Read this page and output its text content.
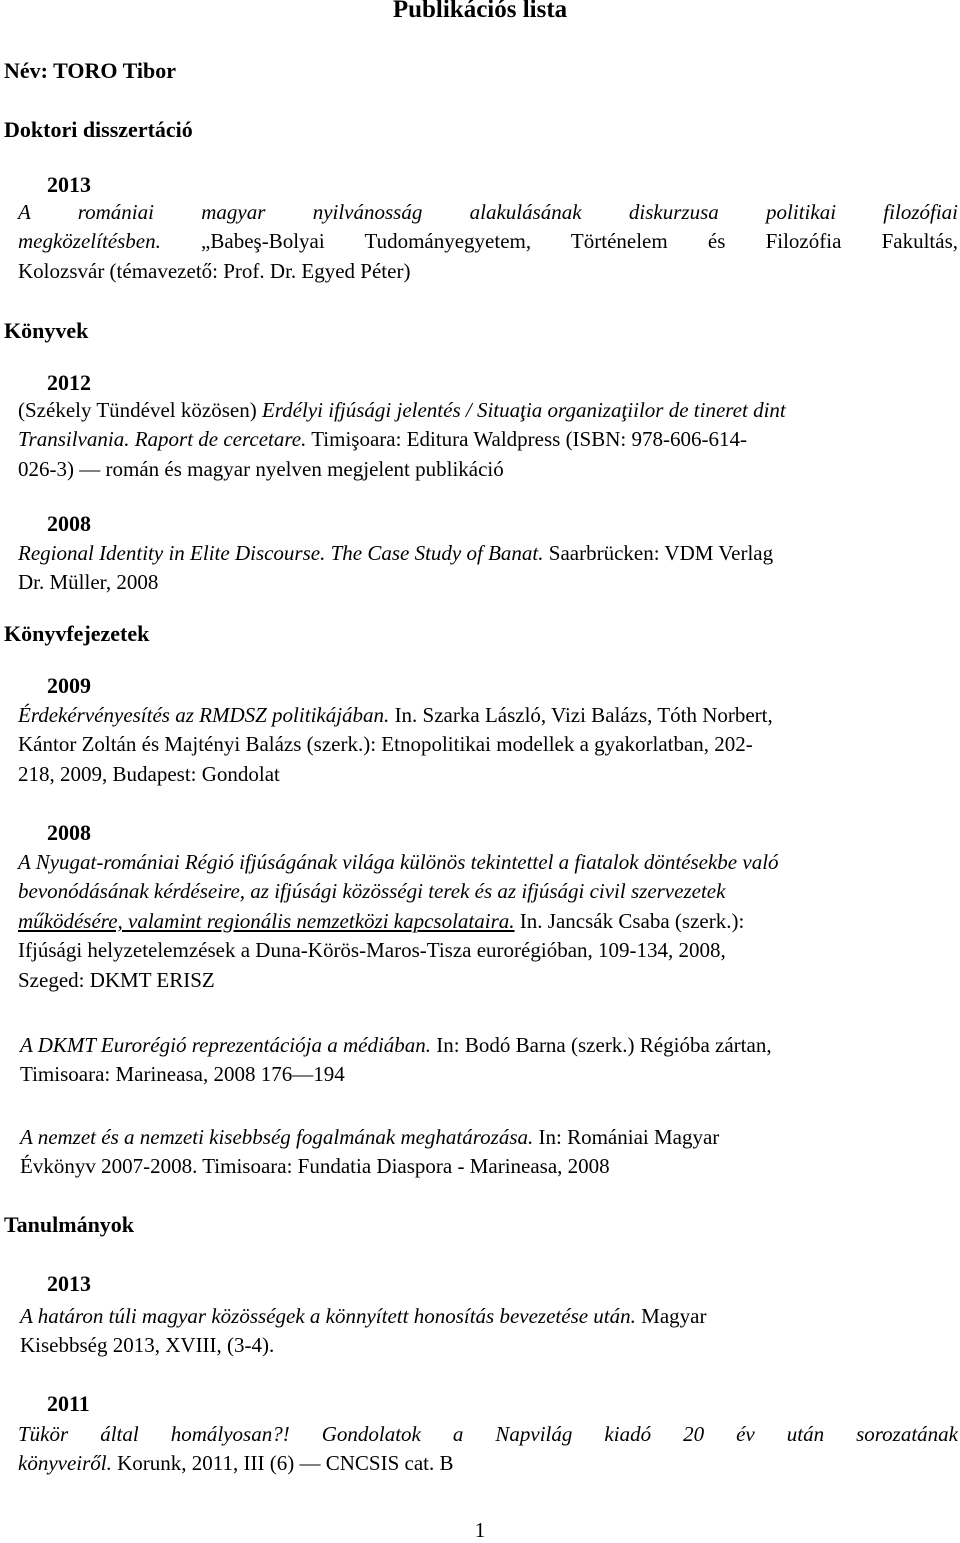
Publikációs lista
Név: TORO Tibor
Doktori disszertáció
2013
A romániai magyar nyilvánosság alakulásának diskurzusa politikai filozófiai
megközelítésben. „Babeş-Bolyai Tudományegyetem, Történelem és Filozófia Fakultás,
Kolozsvár (témavezető: Prof. Dr. Egyed Péter)
Könyvek
2012
(Székely Tündével közösen) Erdélyi ifjúsági jelentés / Situaţia organizaţiilor de tineret dint
Transilvania. Raport de cercetare. Timişoara: Editura Waldpress (ISBN: 978-606-614-
026-3) ― román és magyar nyelven megjelent publikáció
2008
Regional Identity in Elite Discourse. The Case Study of Banat. Saarbrücken: VDM Verlag
Dr. Müller, 2008
Könyvfejezetek
2009
Érdekérvényesítés az RMDSZ politikájában. In. Szarka László, Vizi Balázs, Tóth Norbert,
Kántor Zoltán és Majtényi Balázs (szerk.): Etnopolitikai modellek a gyakorlatban, 202-
218, 2009, Budapest: Gondolat
2008
A Nyugat-romániai Régió ifjúságának világa különös tekintettel a fiatalok döntésekbe való
bevonódásának kérdéseire, az ifjúsági közösségi terek és az ifjúsági civil szervezetek
működésére, valamint regionális nemzetközi kapcsolataira. In. Jancsák Csaba (szerk.):
Ifjúsági helyzetelemzések a Duna-Körös-Maros-Tisza eurorégióban, 109-134, 2008,
Szeged: DKMT ERISZ
A DKMT Eurorégió reprezentációja a médiában. In: Bodó Barna (szerk.) Régióba zártan,
Timisoara: Marineasa, 2008 176―194
A nemzet és a nemzeti kisebbség fogalmának meghatározása. In: Romániai Magyar
Évkönyv 2007-2008. Timisoara: Fundatia Diaspora - Marineasa, 2008
Tanulmányok
2013
A határon túli magyar közösségek a könnyített honosítás bevezetése után. Magyar
Kisebbség 2013, XVIII, (3-4).
2011
Tükör által homályosan?! Gondolatok a Napvilág kiadó 20 év után sorozatának
könyveiről. Korunk, 2011, III (6) ― CNCSIS cat. B
1
